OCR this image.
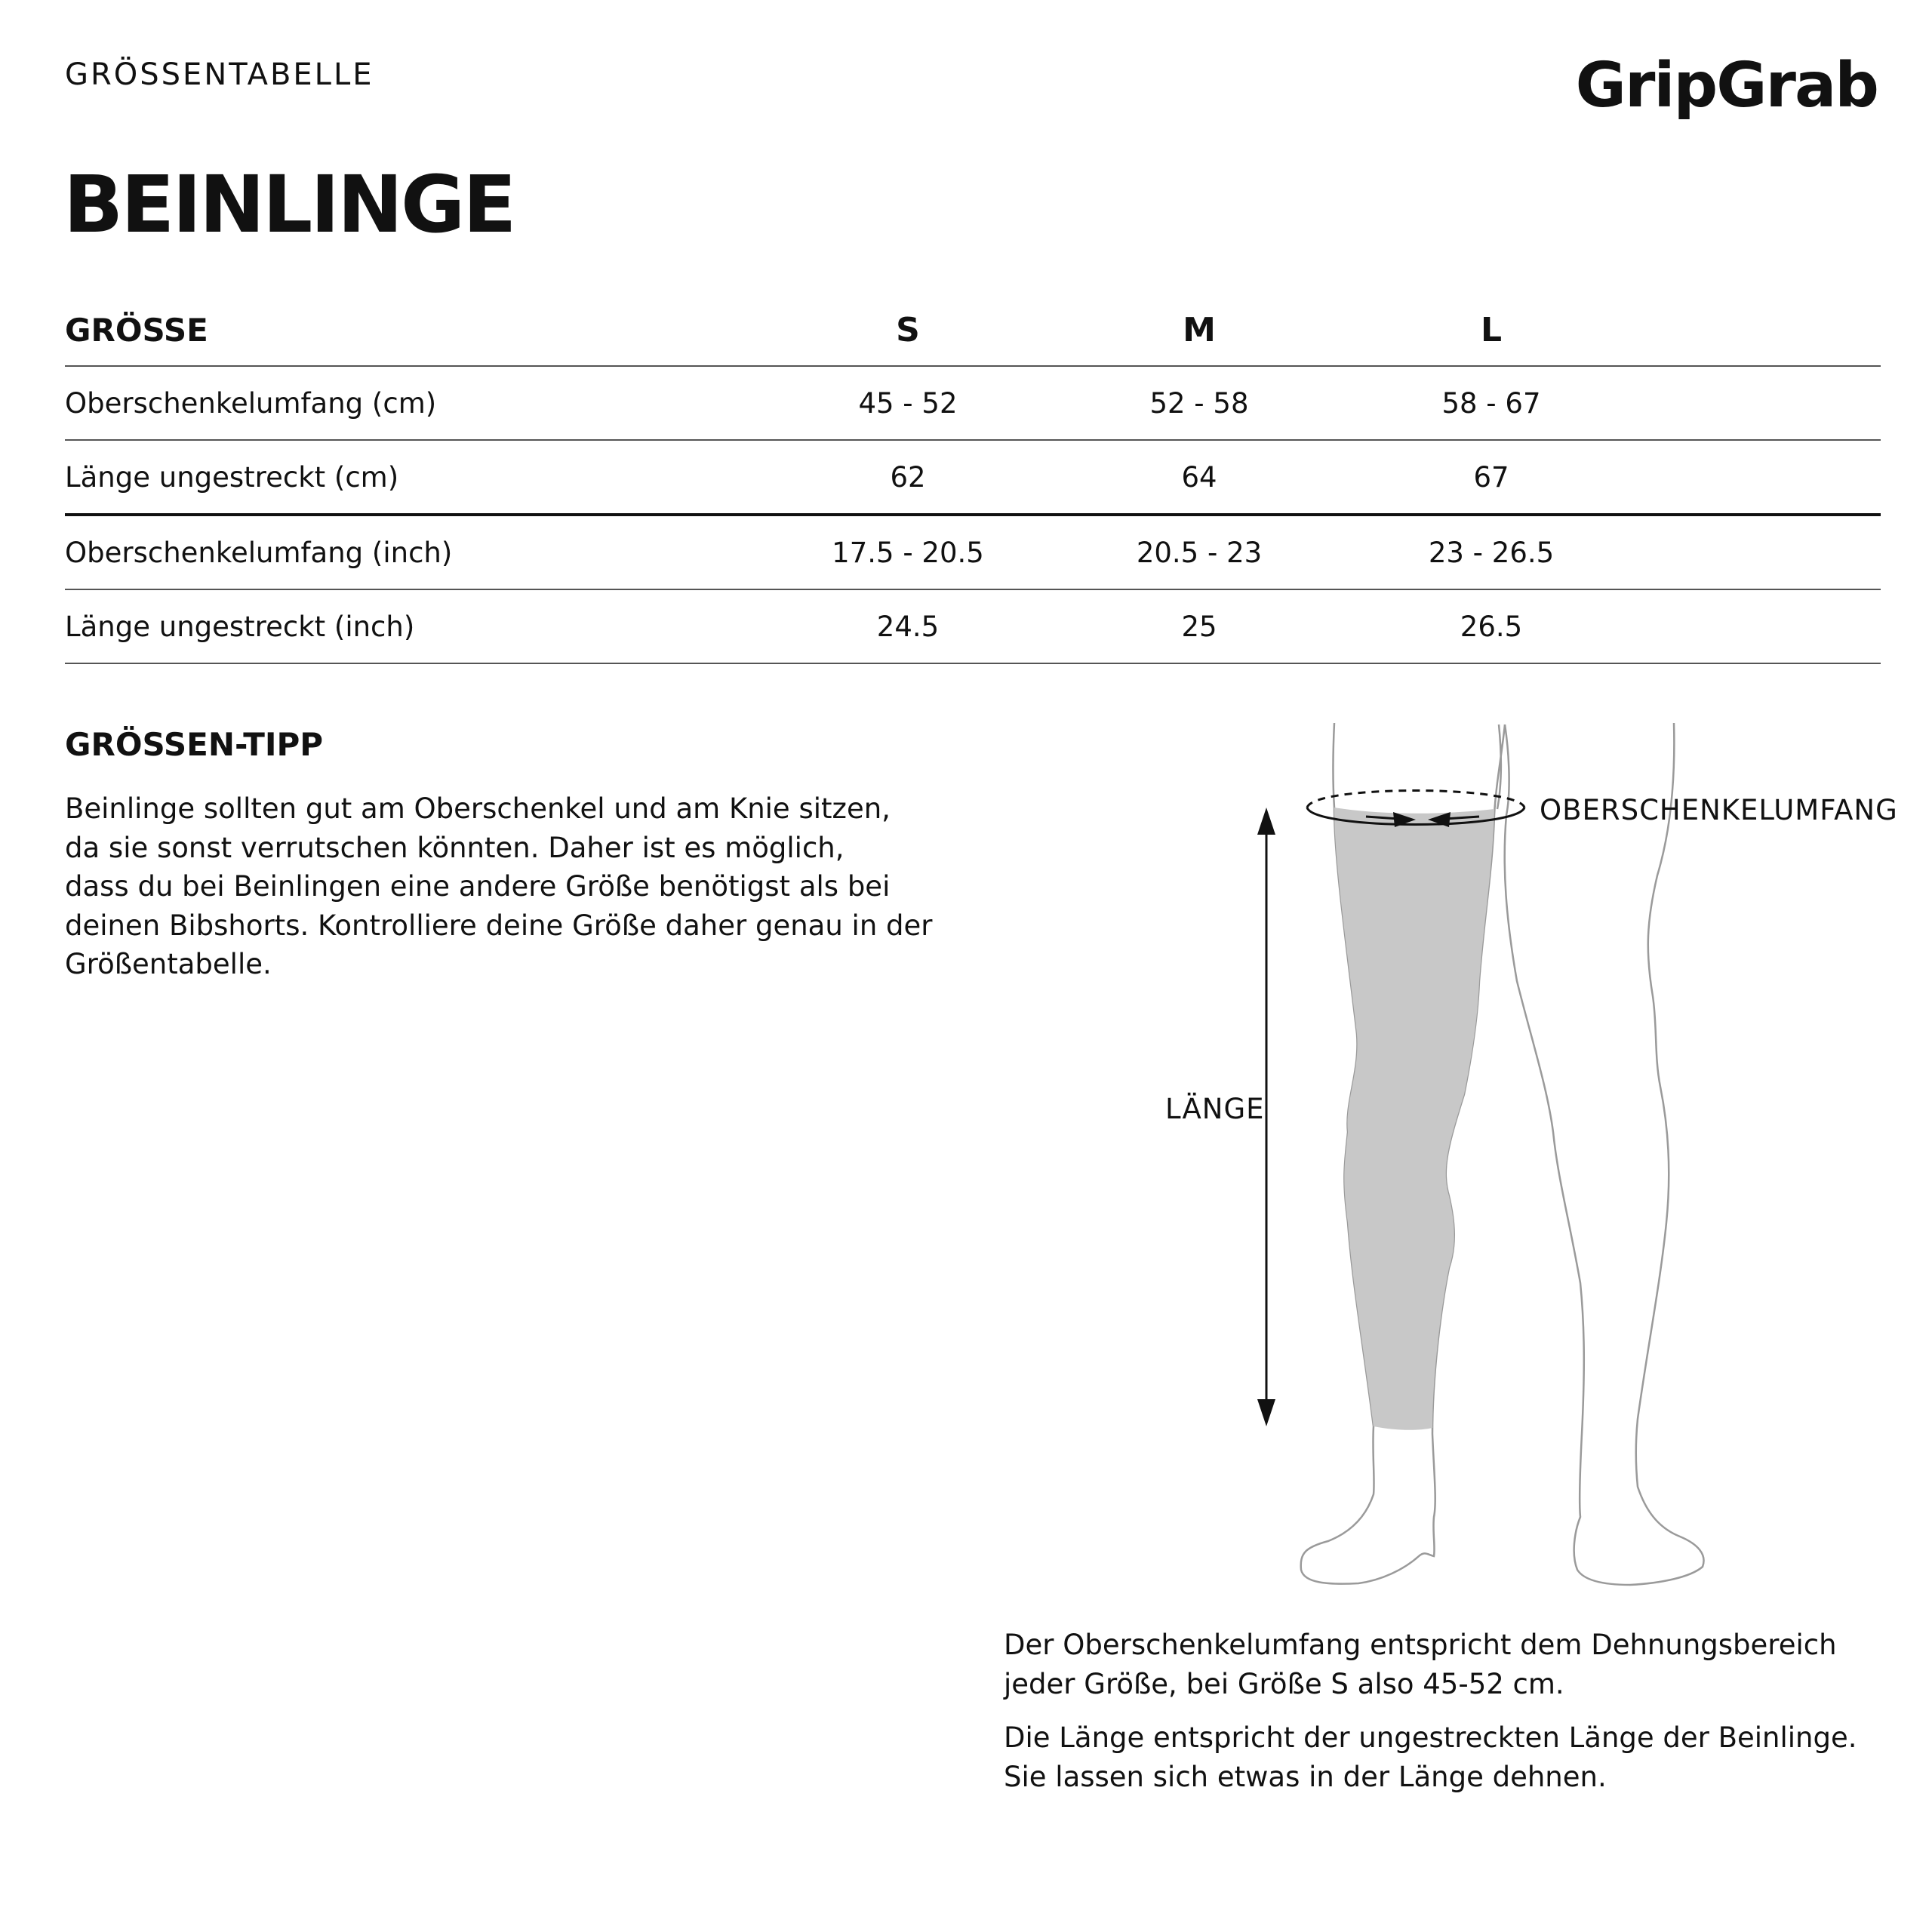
GRÖSSENTABELLE	GripGrab
BEINLINGE
GRÖSSE	S	M	L
Oberschenkelumfang (cm)	45 - 52	52 - 58	58 - 67
Länge ungestreckt (cm)	62	64	67
Oberschenkelumfang (inch)	17.5 - 20.5	20.5 - 23	23 - 26.5
Länge ungestreckt (inch)	24.5	25	26.5
GRÖSSEN-TIPP
Beinlinge sollten gut am Oberschenkel und am Knie sitzen,
da sie sonst verrutschen könnten. Daher ist es möglich,
dass du bei Beinlingen eine andere Größe benötigst als bei
deinen Bibshorts. Kontrolliere deine Größe daher genau in der
Größentabelle.
OBERSCHENKELUMFANG
LÄNGE
Der Oberschenkelumfang entspricht dem Dehnungsbereich
jeder Größe, bei Größe S also 45-52 cm.
Die Länge entspricht der ungestreckten Länge der Beinlinge.
Sie lassen sich etwas in der Länge dehnen.
